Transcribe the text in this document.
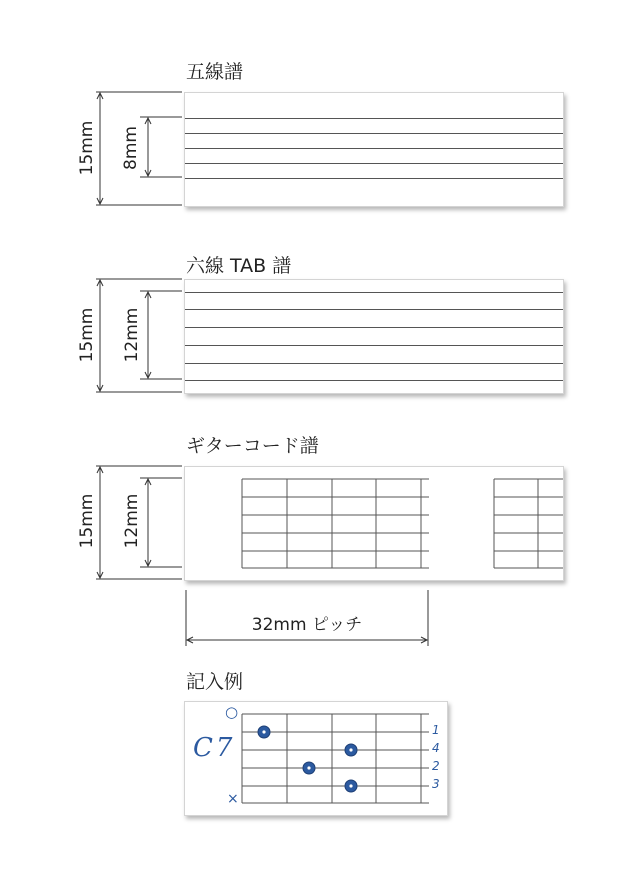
五線譜
15mm 8mm
六線 TAB 譜
15mm 12mm
ギターコード譜
15mm 12mm
32mm ピッチ
記入例
C7
○
×
1
4
2
3
